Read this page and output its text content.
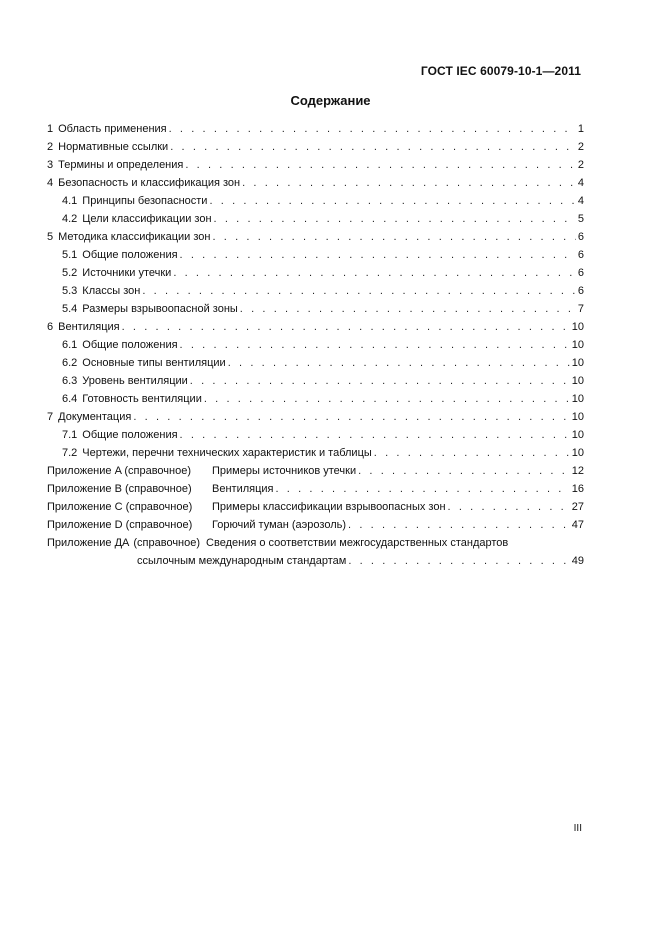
ГОСТ IEC 60079-10-1—2011
Содержание
1 Область применения . . .	1
2 Нормативные ссылки . . .	2
3 Термины и определения . . .	2
4 Безопасность и классификация зон . . .	4
4.1 Принципы безопасности . . .	4
4.2 Цели классификации зон . . .	5
5 Методика классификации зон . . .	6
5.1 Общие положения . . .	6
5.2 Источники утечки . . .	6
5.3 Классы зон . . .	6
5.4 Размеры взрывоопасной зоны . . .	7
6 Вентиляция . . .	10
6.1 Общие положения . . .	10
6.2 Основные типы вентиляции . . .	10
6.3 Уровень вентиляции . . .	10
6.4 Готовность вентиляции . . .	10
7 Документация . . .	10
7.1 Общие положения . . .	10
7.2 Чертежи, перечни технических характеристик и таблицы . . .	10
Приложение A (справочное)	Примеры источников утечки . . .	12
Приложение B (справочное)	Вентиляция . . .	16
Приложение C (справочное)	Примеры классификации взрывоопасных зон . . .	27
Приложение D (справочное)	Горючий туман (аэрозоль) . . .	47
Приложение ДА (справочное) Сведения о соответствии межгосударственных стандартов
ссылочным международным стандартам . . .	49
III
